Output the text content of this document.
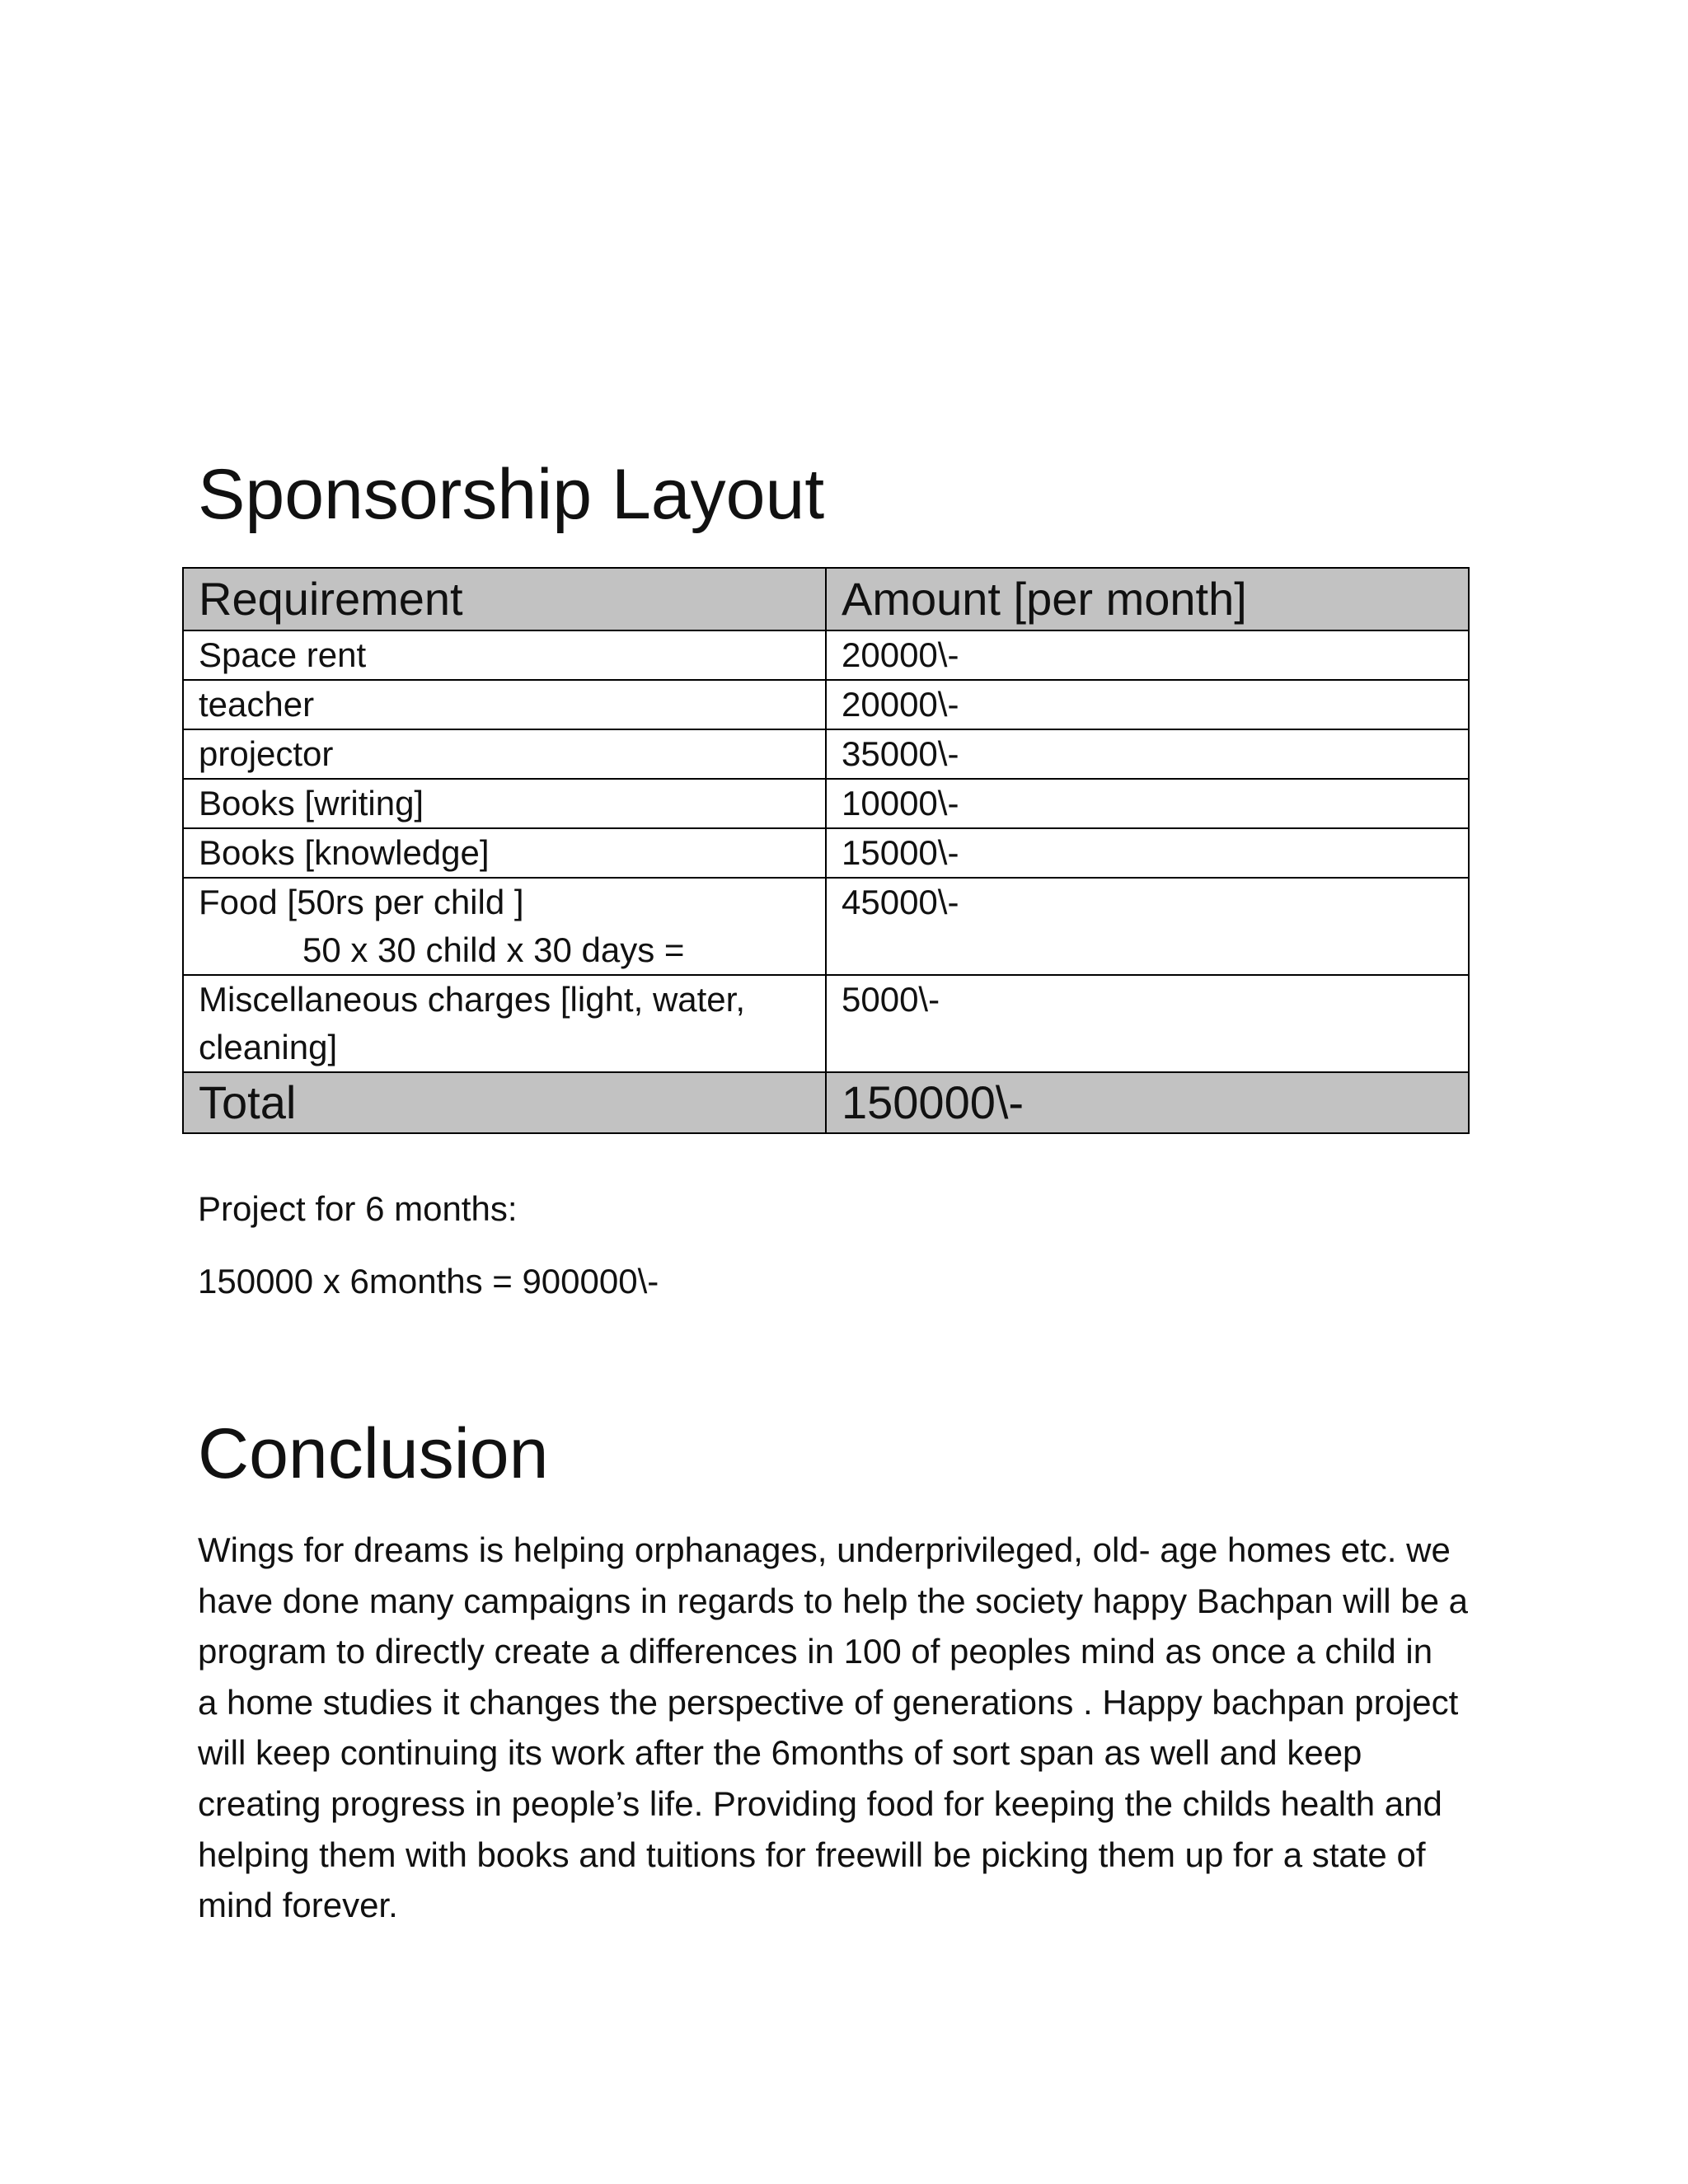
Sponsorship Layout
Requirement	Amount [per month]
Space rent	20000\-
teacher	20000\-
projector	35000\-
Books [writing]	10000\-
Books [knowledge]	15000\-
Food [50rs per child ]
50 x 30 child x 30 days =	45000\-

Miscellaneous charges [light, water,
cleaning]	5000\-
Total	150000\-

Project for 6 months:

150000 x 6months = 900000\-

Conclusion
Wings for dreams is helping orphanages, underprivileged, old- age homes etc. we
have done many campaigns in regards to help the society happy Bachpan will be a
program to directly create a differences in 100 of peoples mind as once a child in
a home studies it changes the perspective of generations . Happy bachpan project
will keep continuing its work after the 6months of sort span as well and keep
creating progress in people’s life. Providing food for keeping the childs health and
helping them with books and tuitions for freewill be picking them up for a state of
mind forever.
